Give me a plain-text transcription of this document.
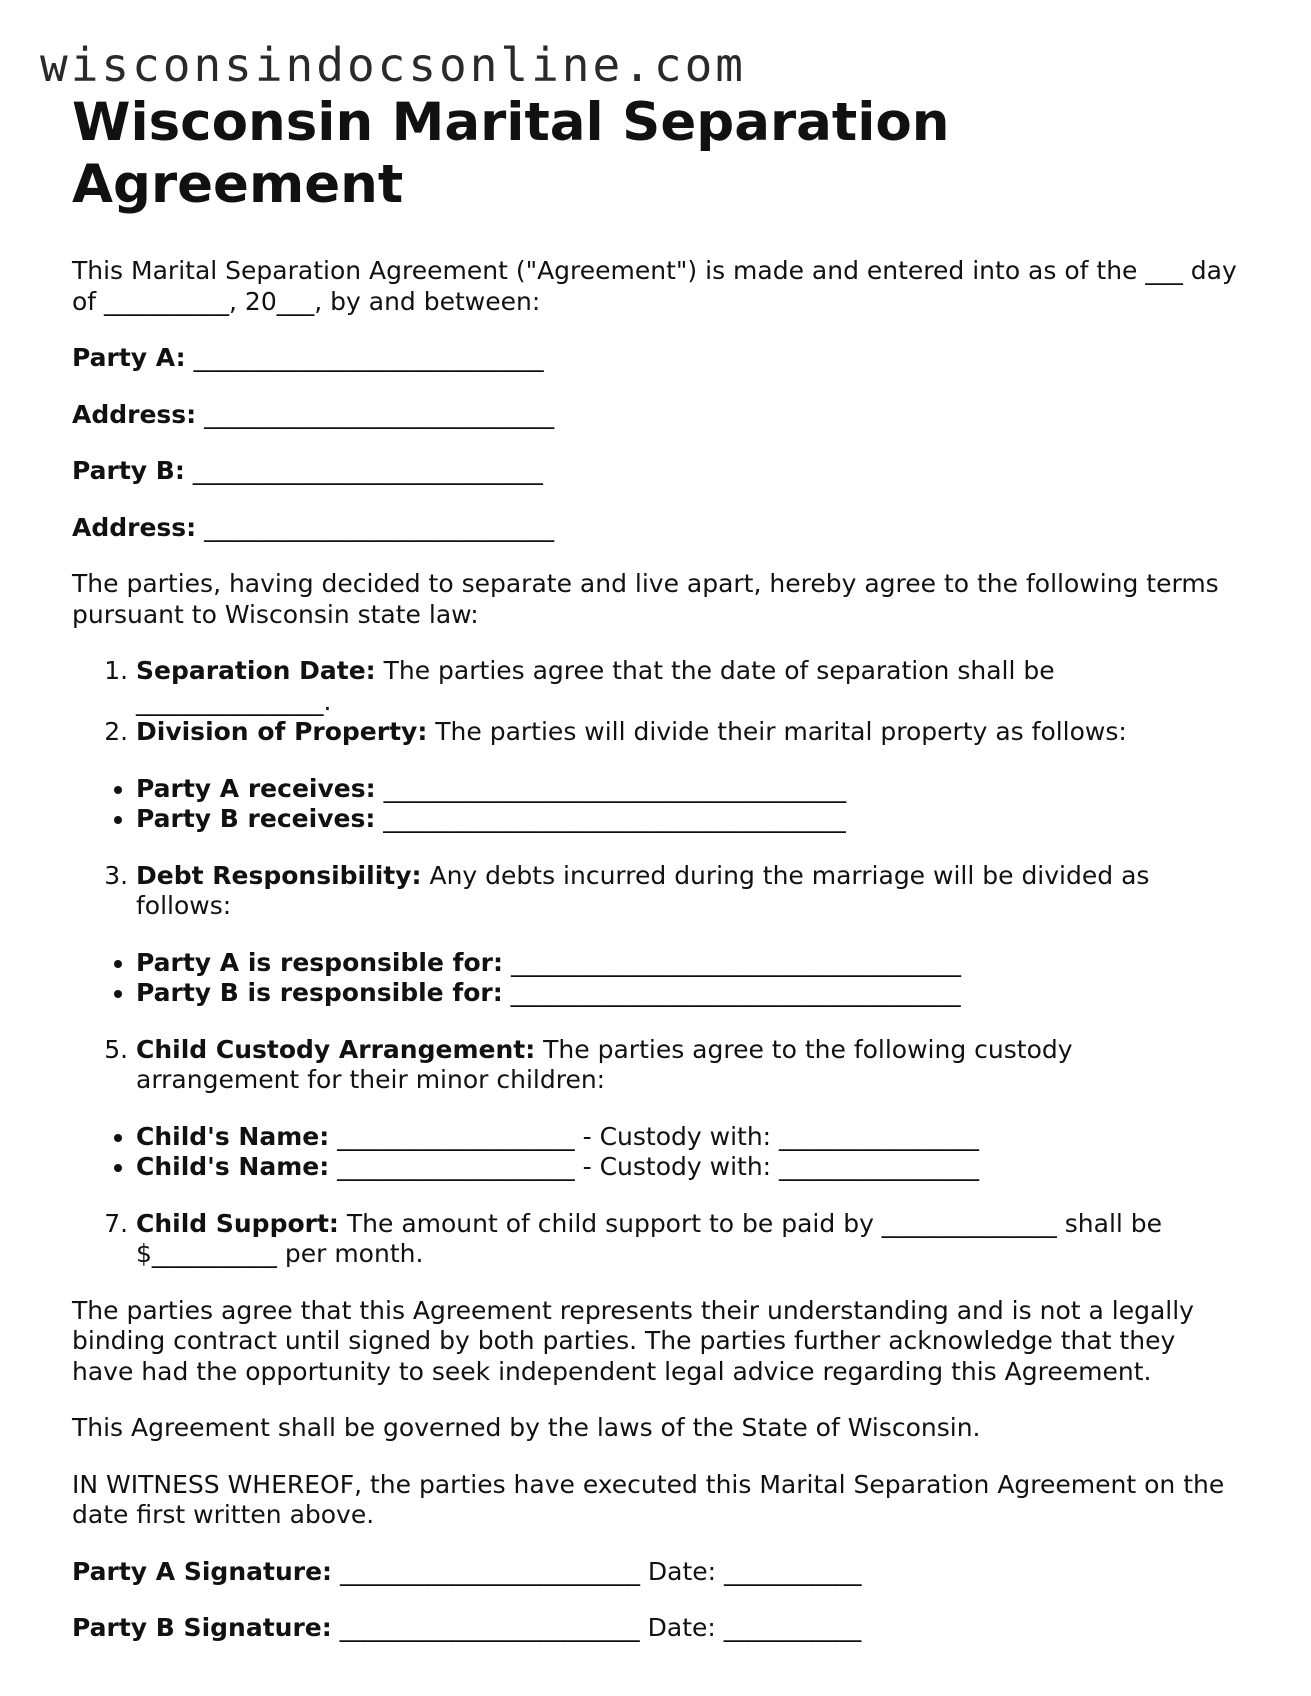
wisconsindocsonline.com
Wisconsin Marital Separation Agreement

This Marital Separation Agreement ("Agreement") is made and entered into as of the ___ day of __________, 20___, by and between:

Party A: ____________________________
Address: ____________________________
Party B: ____________________________
Address: ____________________________

The parties, having decided to separate and live apart, hereby agree to the following terms pursuant to Wisconsin state law:

1. Separation Date: The parties agree that the date of separation shall be _______________.
2. Division of Property: The parties will divide their marital property as follows:
• Party A receives: _____________________________________
• Party B receives: _____________________________________
3. Debt Responsibility: Any debts incurred during the marriage will be divided as follows:
• Party A is responsible for: ____________________________________
• Party B is responsible for: ____________________________________
5. Child Custody Arrangement: The parties agree to the following custody arrangement for their minor children:
• Child's Name: ___________________ - Custody with: ________________
• Child's Name: ___________________ - Custody with: ________________
7. Child Support: The amount of child support to be paid by ______________ shall be $__________ per month.

The parties agree that this Agreement represents their understanding and is not a legally binding contract until signed by both parties. The parties further acknowledge that they have had the opportunity to seek independent legal advice regarding this Agreement.

This Agreement shall be governed by the laws of the State of Wisconsin.

IN WITNESS WHEREOF, the parties have executed this Marital Separation Agreement on the date first written above.

Party A Signature: ________________________ Date: ___________
Party B Signature: ________________________ Date: ___________
